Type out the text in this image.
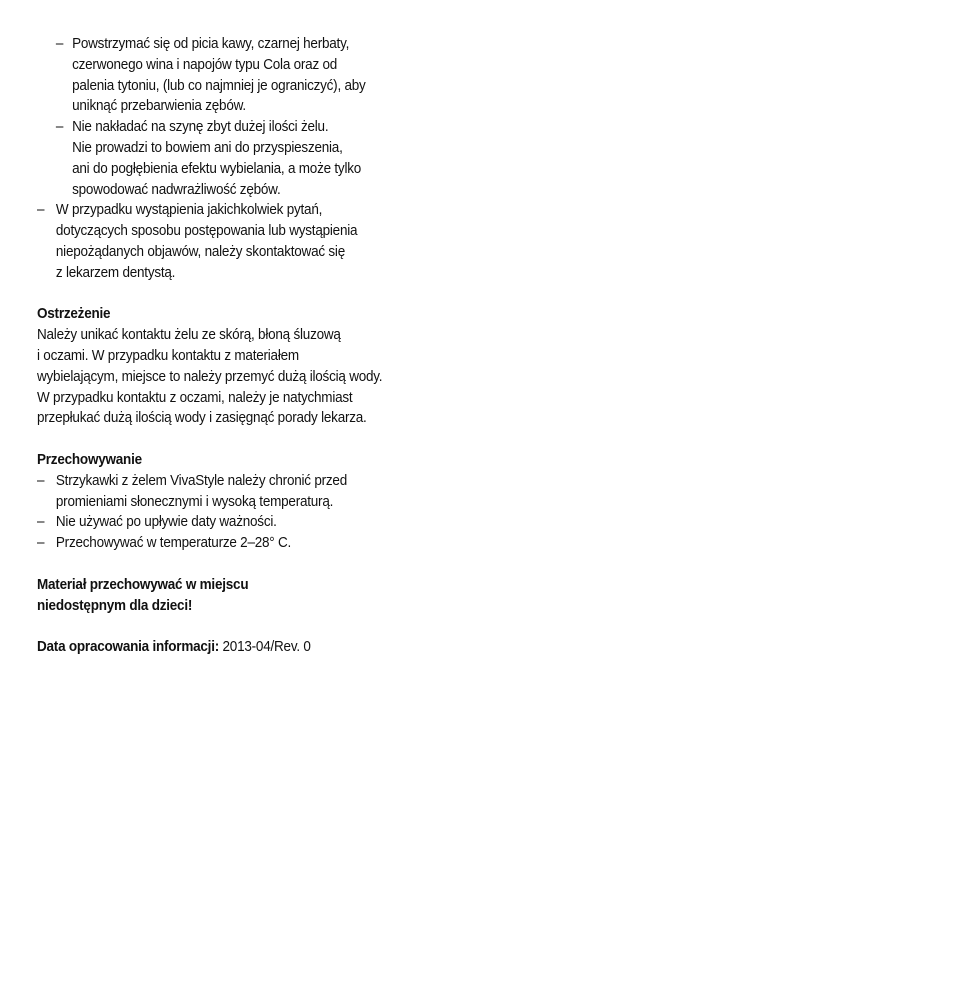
– Powstrzymać się od picia kawy, czarnej herbaty,
czerwonego wina i napojów typu Cola oraz od
palenia tytoniu, (lub co najmniej je ograniczyć), aby
uniknąć przebarwienia zębów.
– Nie nakładać na szynę zbyt dużej ilości żelu.
Nie prowadzi to bowiem ani do przyspieszenia,
ani do pogłębienia efektu wybielania, a może tylko
spowodować nadwrażliwość zębów.
– W przypadku wystąpienia jakichkolwiek pytań,
dotyczących sposobu postępowania lub wystąpienia
niepożądanych objawów, należy skontaktować się
z lekarzem dentystą.
Ostrzeżenie
Należy unikać kontaktu żelu ze skórą, błoną śluzową
i oczami. W przypadku kontaktu z materiałem
wybielającym, miejsce to należy przemyć dużą ilością wody.
W przypadku kontaktu z oczami, należy je natychmiast
przepłukać dużą ilością wody i zasięgnąć porady lekarza.
Przechowywanie
– Strzykawki z żelem VivaStyle należy chronić przed
promieniami słonecznymi i wysoką temperaturą.
– Nie używać po upływie daty ważności.
– Przechowywać w temperaturze 2–28° C.
Materiał przechowywać w miejscu
niedostępnym dla dzieci!
Data opracowania informacji: 2013-04/Rev. 0
